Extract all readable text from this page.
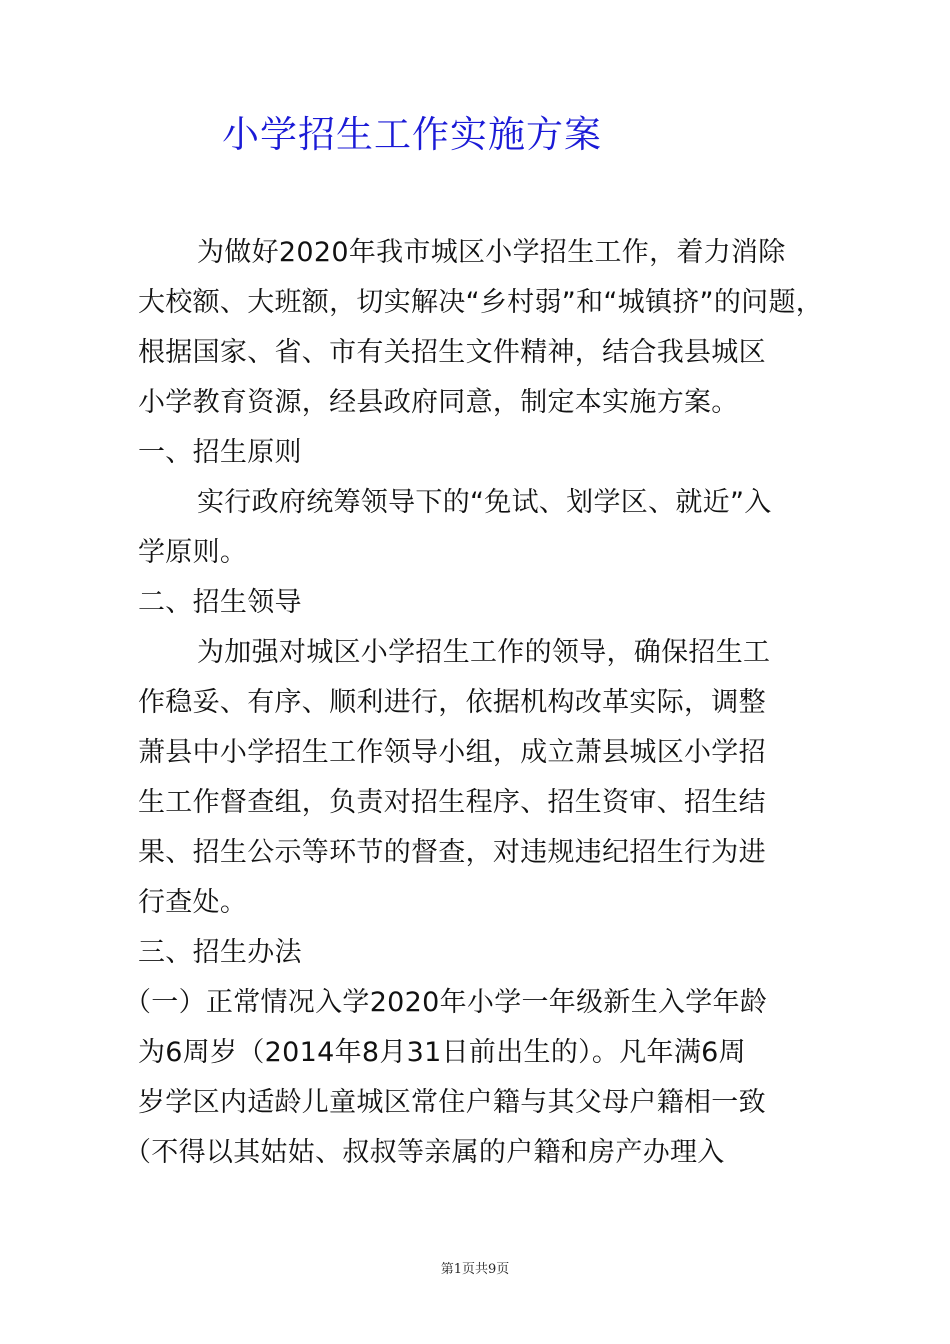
小学招生工作实施方案
为做好2020年我市城区小学招生工作，着力消除
大校额、大班额，切实解决“乡村弱”和“城镇挤”的问题，
根据国家、省、市有关招生文件精神，结合我县城区
小学教育资源，经县政府同意，制定本实施方案。
一、招生原则
实行政府统筹领导下的“免试、划学区、就近”入
学原则。
二、招生领导
为加强对城区小学招生工作的领导，确保招生工
作稳妥、有序、顺利进行，依据机构改革实际，调整
萧县中小学招生工作领导小组，成立萧县城区小学招
生工作督查组，负责对招生程序、招生资审、招生结
果、招生公示等环节的督查，对违规违纪招生行为进
行查处。
三、招生办法
（一）正常情况入学2020年小学一年级新生入学年龄
为6周岁（2014年8月31日前出生的）。凡年满6周
岁学区内适龄儿童城区常住户籍与其父母户籍相一致
（不得以其姑姑、叔叔等亲属的户籍和房产办理入
第1页共9页
